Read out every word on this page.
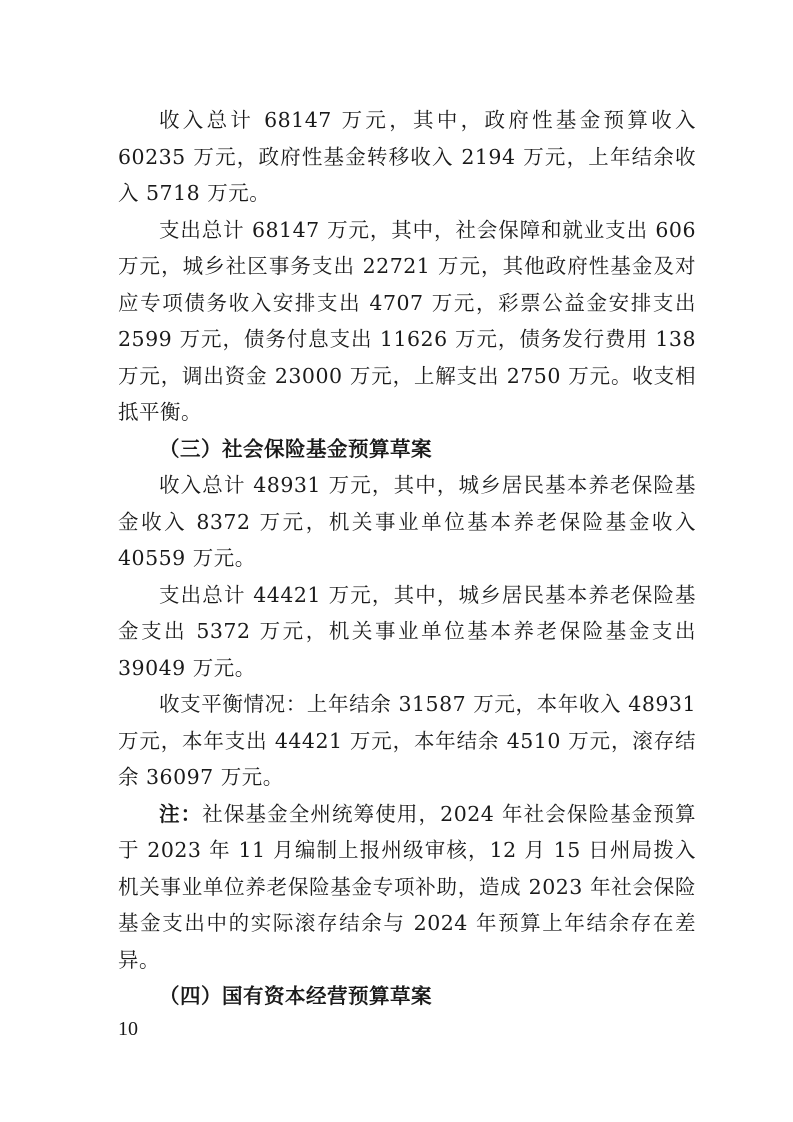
收入总计 68147 万元，其中，政府性基金预算收入 60235 万元，政府性基金转移收入 2194 万元，上年结余收入 5718 万元。

支出总计 68147 万元，其中，社会保障和就业支出 606 万元，城乡社区事务支出 22721 万元，其他政府性基金及对应专项债务收入安排支出 4707 万元，彩票公益金安排支出 2599 万元，债务付息支出 11626 万元，债务发行费用 138 万元，调出资金 23000 万元，上解支出 2750 万元。收支相抵平衡。

（三）社会保险基金预算草案

收入总计 48931 万元，其中，城乡居民基本养老保险基金收入 8372 万元，机关事业单位基本养老保险基金收入 40559 万元。

支出总计 44421 万元，其中，城乡居民基本养老保险基金支出 5372 万元，机关事业单位基本养老保险基金支出 39049 万元。

收支平衡情况：上年结余 31587 万元，本年收入 48931 万元，本年支出 44421 万元，本年结余 4510 万元，滚存结余 36097 万元。

注：社保基金全州统筹使用，2024 年社会保险基金预算于 2023 年 11 月编制上报州级审核，12 月 15 日州局拨入机关事业单位养老保险基金专项补助，造成 2023 年社会保险基金支出中的实际滚存结余与 2024 年预算上年结余存在差异。

（四）国有资本经营预算草案

10
